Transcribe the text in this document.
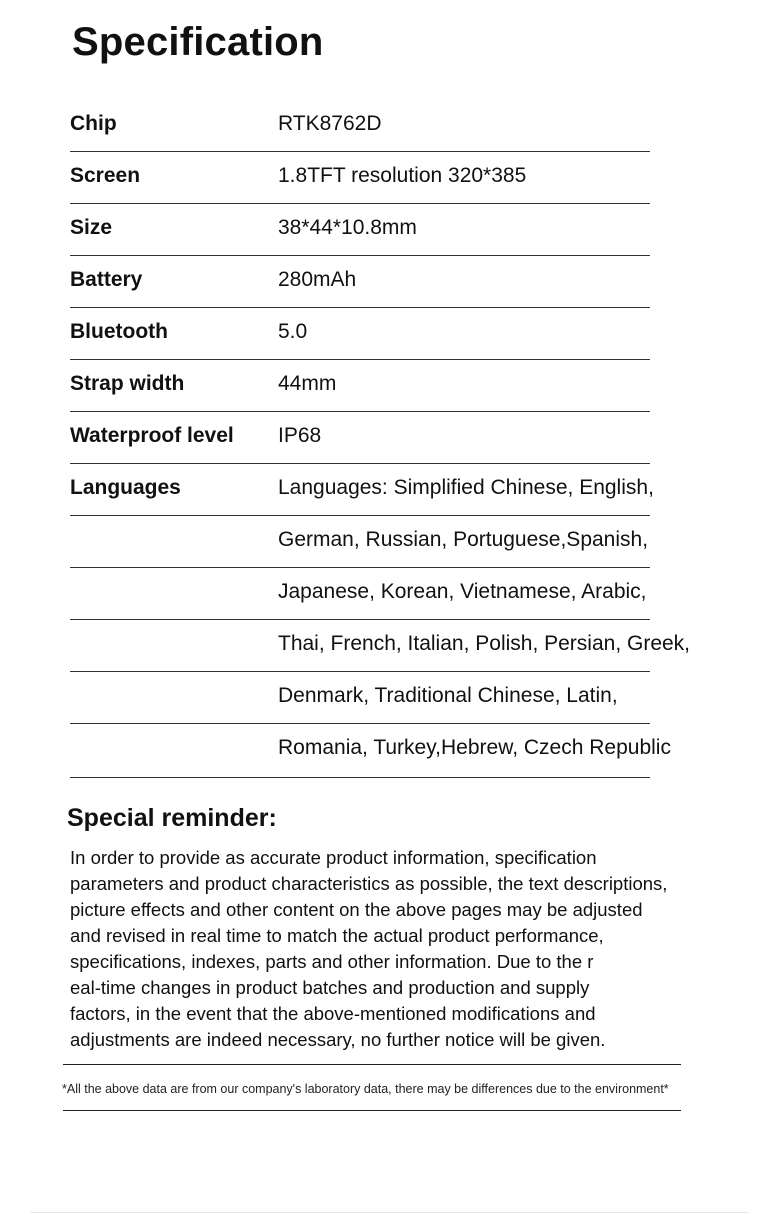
Specification
Chip	RTK8762D
Screen	1.8TFT resolution 320*385
Size	38*44*10.8mm
Battery	280mAh
Bluetooth	5.0
Strap width	44mm
Waterproof level IP68
Languages	Languages: Simplified Chinese, English,
German, Russian, Portuguese,Spanish,
Japanese, Korean, Vietnamese, Arabic,
Thai, French, Italian, Polish, Persian, Greek,
Denmark, Traditional Chinese, Latin,
Romania, Turkey,Hebrew, Czech Republic
Special reminder:
In order to provide as accurate product information, specification
parameters and product characteristics as possible, the text descriptions,
picture effects and other content on the above pages may be adjusted
and revised in real time to match the actual product performance,
specifications, indexes, parts and other information. Due to the r
eal-time changes in product batches and production and supply
factors, in the event that the above-mentioned modifications and
adjustments are indeed necessary, no further notice will be given.
*All the above data are from our company's laboratory data, there may be differences due to the environment*
